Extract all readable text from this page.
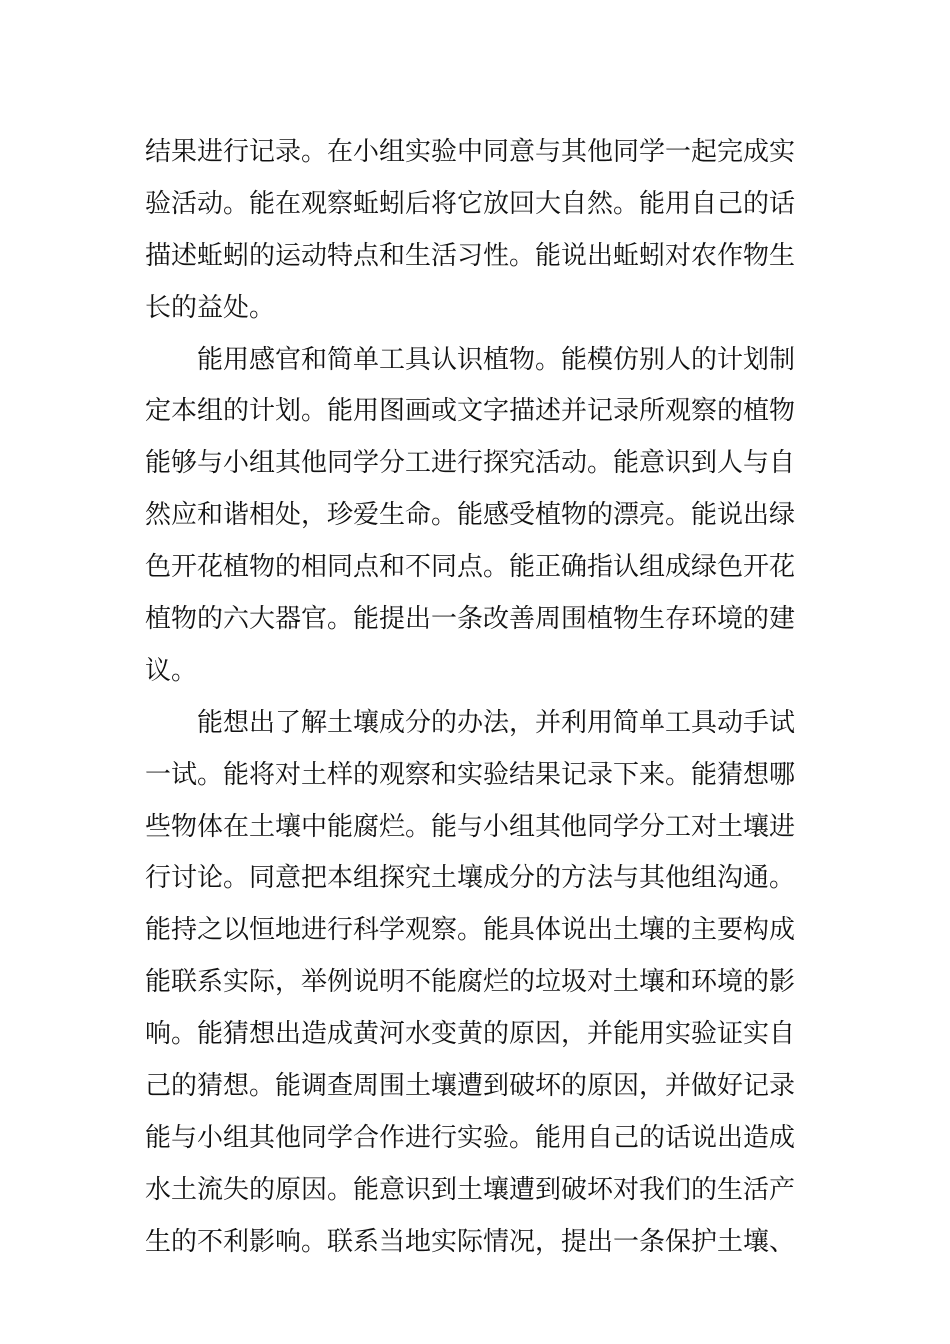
结果进行记录。在小组实验中同意与其他同学一起完成实
验活动。能在观察蚯蚓后将它放回大自然。能用自己的话
描述蚯蚓的运动特点和生活习性。能说出蚯蚓对农作物生
长的益处。
能用感官和简单工具认识植物。能模仿别人的计划制
定本组的计划。能用图画或文字描述并记录所观察的植物
能够与小组其他同学分工进行探究活动。能意识到人与自
然应和谐相处，珍爱生命。能感受植物的漂亮。能说出绿
色开花植物的相同点和不同点。能正确指认组成绿色开花
植物的六大器官。能提出一条改善周围植物生存环境的建
议。
能想出了解土壤成分的办法，并利用简单工具动手试
一试。能将对土样的观察和实验结果记录下来。能猜想哪
些物体在土壤中能腐烂。能与小组其他同学分工对土壤进
行讨论。同意把本组探究土壤成分的方法与其他组沟通。
能持之以恒地进行科学观察。能具体说出土壤的主要构成
能联系实际，举例说明不能腐烂的垃圾对土壤和环境的影
响。能猜想出造成黄河水变黄的原因，并能用实验证实自
己的猜想。能调查周围土壤遭到破坏的原因，并做好记录
能与小组其他同学合作进行实验。能用自己的话说出造成
水土流失的原因。能意识到土壤遭到破坏对我们的生活产
生的不利影响。联系当地实际情况，提出一条保护土壤、
